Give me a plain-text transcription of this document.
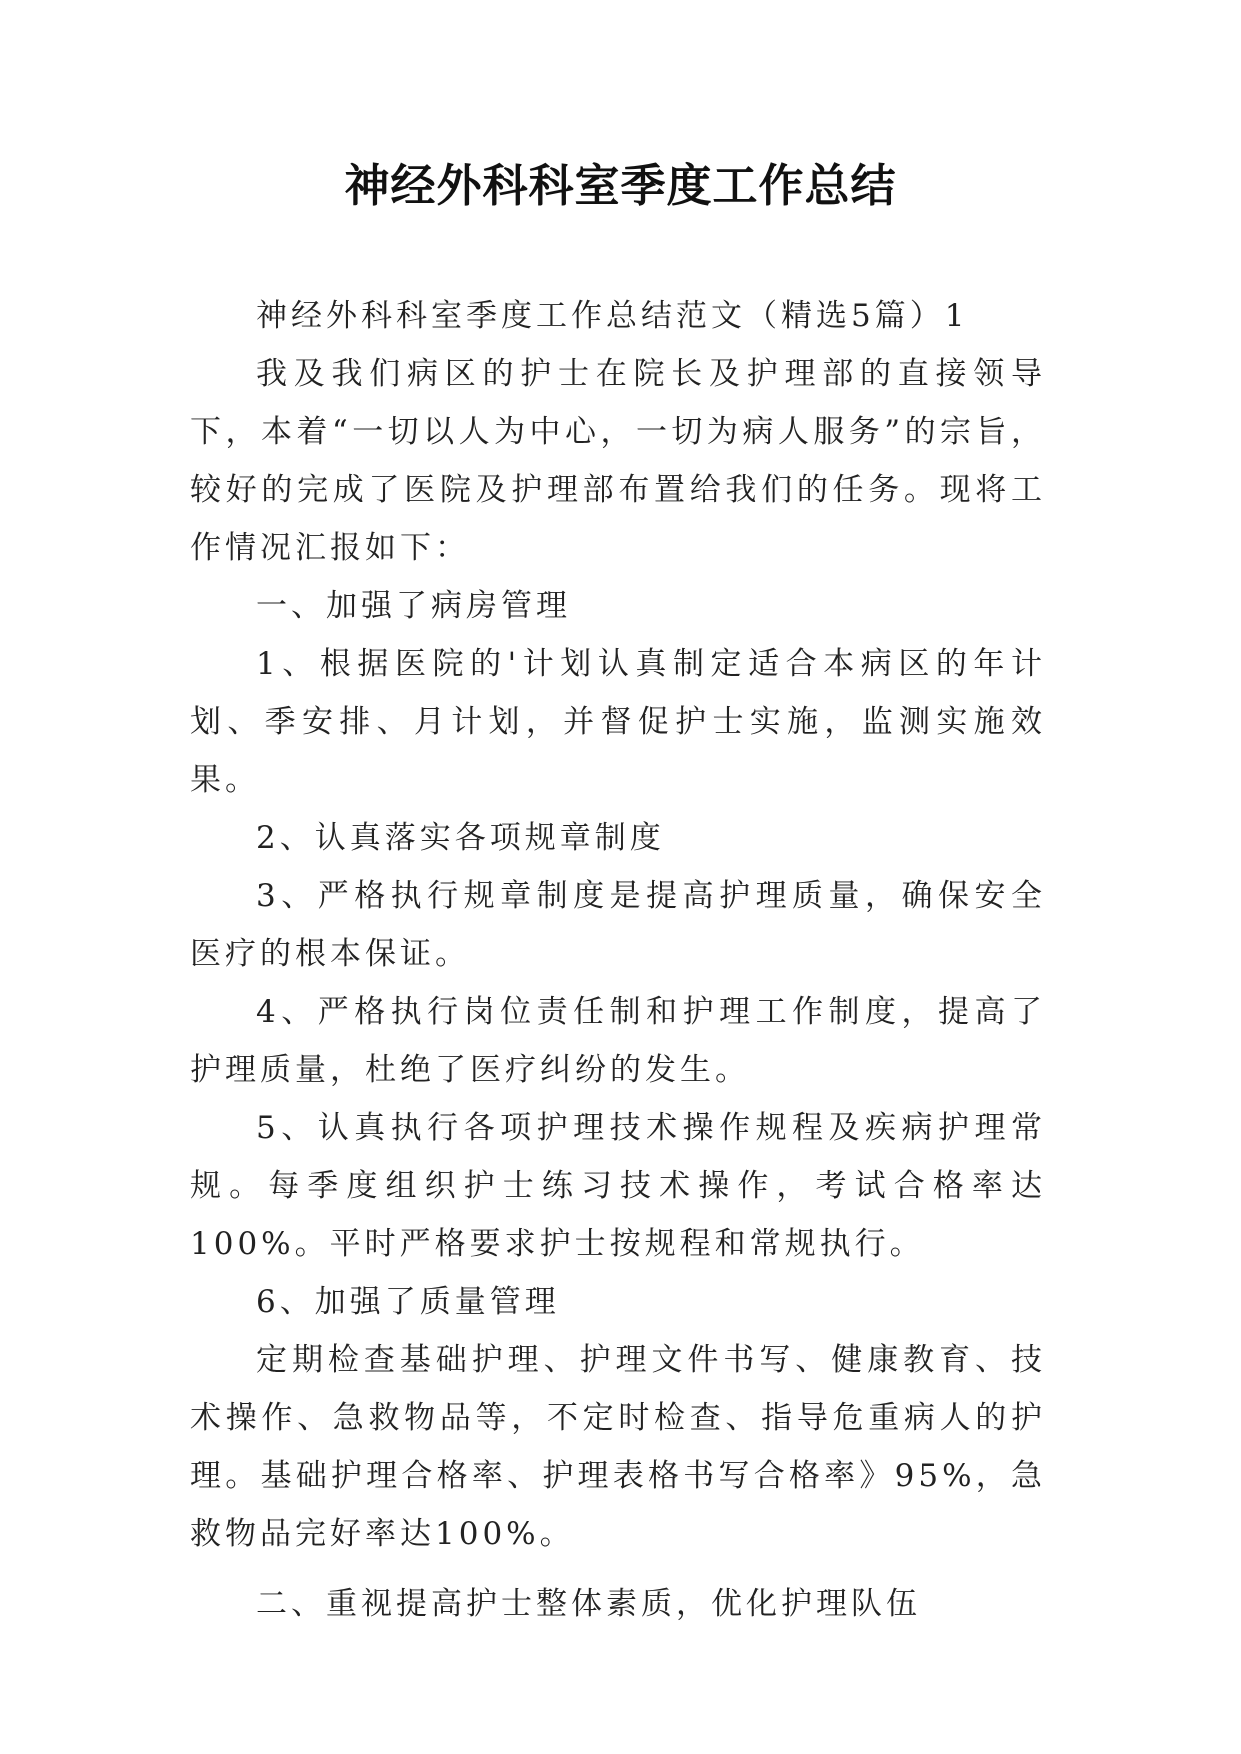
神经外科科室季度工作总结

神经外科科室季度工作总结范文（精选5篇）1

我及我们病区的护士在院长及护理部的直接领导下，本着“一切以人为中心，一切为病人服务”的宗旨，较好的完成了医院及护理部布置给我们的任务。现将工作情况汇报如下：

一、加强了病房管理

1、根据医院的'计划认真制定适合本病区的年计划、季安排、月计划，并督促护士实施，监测实施效果。

2、认真落实各项规章制度

3、严格执行规章制度是提高护理质量，确保安全医疗的根本保证。

4、严格执行岗位责任制和护理工作制度，提高了护理质量，杜绝了医疗纠纷的发生。

5、认真执行各项护理技术操作规程及疾病护理常规。每季度组织护士练习技术操作，考试合格率达100%。平时严格要求护士按规程和常规执行。

6、加强了质量管理

定期检查基础护理、护理文件书写、健康教育、技术操作、急救物品等，不定时检查、指导危重病人的护理。基础护理合格率、护理表格书写合格率》95%，急救物品完好率达100%。

二、重视提高护士整体素质，优化护理队伍
